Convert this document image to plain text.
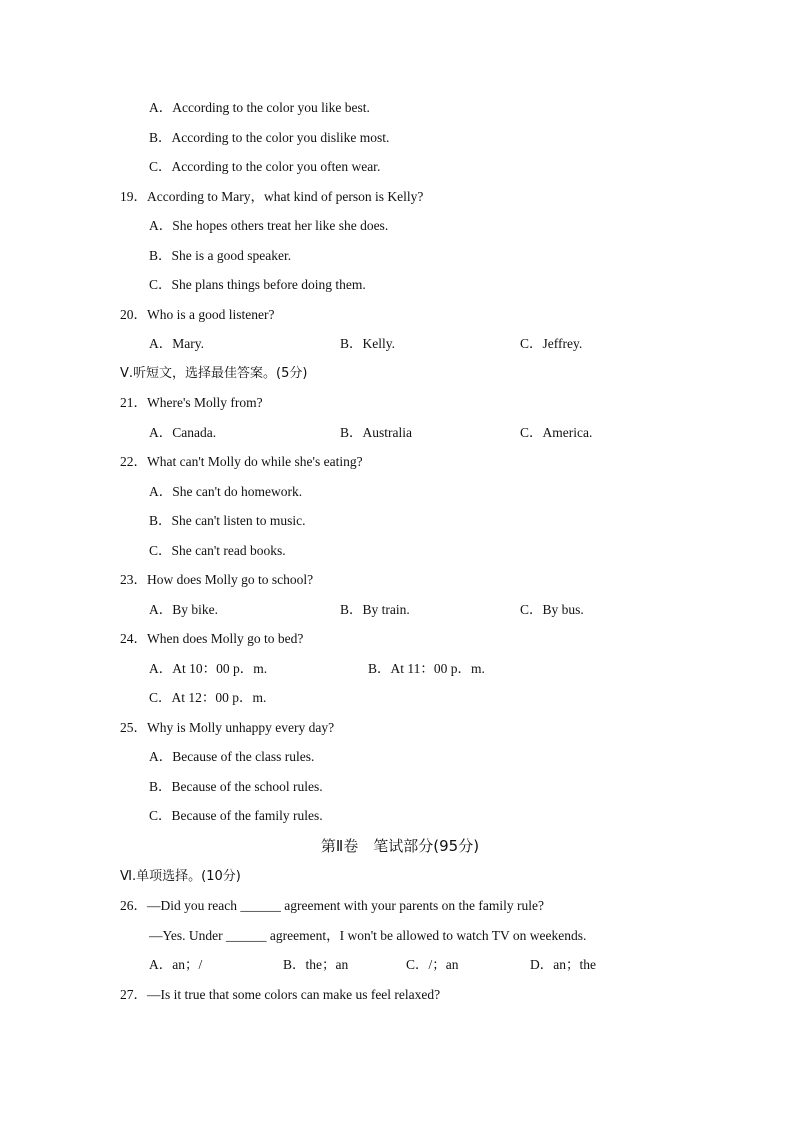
A．According to the color you like best.
B．According to the color you dislike most.
C．According to the color you often wear.
19．According to Mary，what kind of person is Kelly?
A．She hopes others treat her like she does.
B．She is a good speaker.
C．She plans things before doing them.
20．Who is a good listener?
A．Mary.	B．Kelly.	C．Jeffrey.
Ⅴ.听短文，选择最佳答案。(5分)
21．Where's Molly from?
A．Canada.	B．Australia	C．America.
22．What can't Molly do while she's eating?
A．She can't do homework.
B．She can't listen to music.
C．She can't read books.
23．How does Molly go to school?
A．By bike.	B．By train.	C．By bus.
24．When does Molly go to bed?
A．At 10：00 p．m.	B．At 11：00 p．m.
C．At 12：00 p．m.
25．Why is Molly unhappy every day?
A．Because of the class rules.
B．Because of the school rules.
C．Because of the family rules.
第Ⅱ卷　笔试部分(95分)
Ⅵ.单项选择。(10分)
26．—Did you reach ______ agreement with your parents on the family rule?
—Yes. Under ______ agreement，I won't be allowed to watch TV on weekends.
A．an；/	B．the；an	C．/；an	D．an；the
27．—Is it true that some colors can make us feel relaxed?
